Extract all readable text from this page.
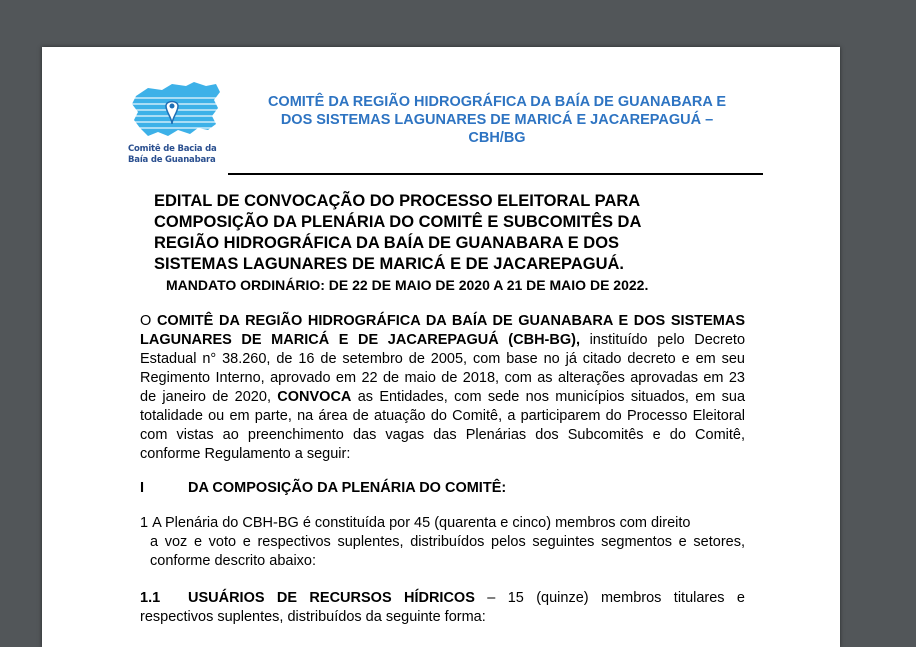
Comitê de Bacia da
Baía de Guanabara
COMITÊ DA REGIÃO HIDROGRÁFICA DA BAÍA DE GUANABARA E
DOS SISTEMAS LAGUNARES DE MARICÁ E JACAREPAGUÁ –
CBH/BG
EDITAL DE CONVOCAÇÃO DO PROCESSO ELEITORAL PARA
COMPOSIÇÃO DA PLENÁRIA DO COMITÊ E SUBCOMITÊS DA
REGIÃO HIDROGRÁFICA DA BAÍA DE GUANABARA E DOS
SISTEMAS LAGUNARES DE MARICÁ E DE JACAREPAGUÁ.
MANDATO ORDINÁRIO: DE 22 DE MAIO DE 2020 A 21 DE MAIO DE 2022.
O COMITÊ DA REGIÃO HIDROGRÁFICA DA BAÍA DE GUANABARA E DOS SISTEMAS LAGUNARES DE MARICÁ E DE JACAREPAGUÁ (CBH-BG), instituído pelo Decreto Estadual n° 38.260, de 16 de setembro de 2005, com base no já citado decreto e em seu Regimento Interno, aprovado em 22 de maio de 2018, com as alterações aprovadas em 23 de janeiro de 2020, CONVOCA as Entidades, com sede nos municípios situados, em sua totalidade ou em parte, na área de atuação do Comitê, a participarem do Processo Eleitoral com vistas ao preenchimento das vagas das Plenárias dos Subcomitês e do Comitê, conforme Regulamento a seguir:
I	DA COMPOSIÇÃO DA PLENÁRIA DO COMITÊ:
1 A Plenária do CBH-BG é constituída por 45 (quarenta e cinco) membros com direito
a voz e voto e respectivos suplentes, distribuídos pelos seguintes segmentos e setores, conforme descrito abaixo:
1.1 USUÁRIOS DE RECURSOS HÍDRICOS – 15 (quinze) membros titulares e respectivos suplentes, distribuídos da seguinte forma:
